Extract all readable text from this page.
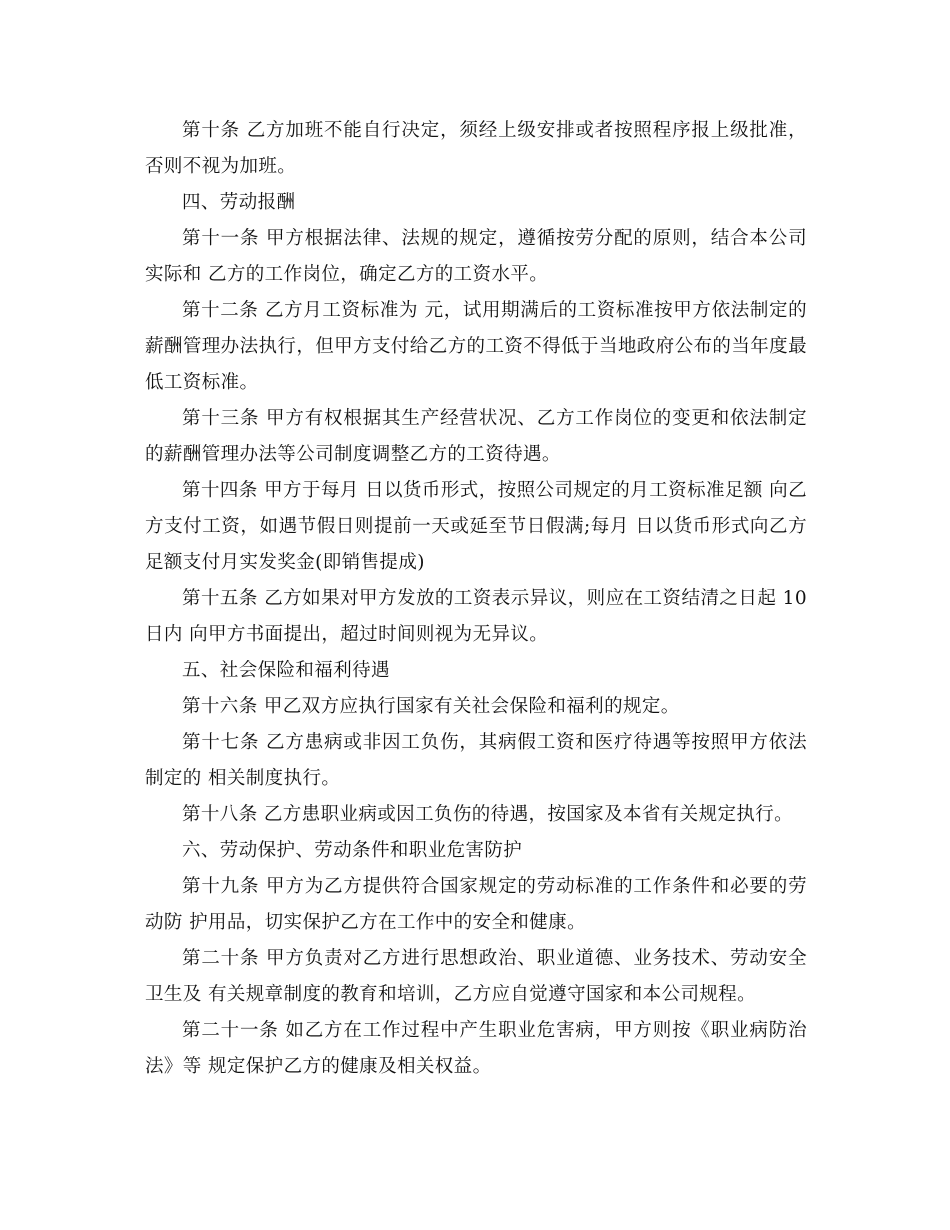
第十条 乙方加班不能自行决定，须经上级安排或者按照程序报上级批准，否则不视为加班。

四、劳动报酬

第十一条 甲方根据法律、法规的规定，遵循按劳分配的原则，结合本公司实际和 乙方的工作岗位，确定乙方的工资水平。

第十二条 乙方月工资标准为 元，试用期满后的工资标准按甲方依法制定的薪酬管理办法执行，但甲方支付给乙方的工资不得低于当地政府公布的当年度最低工资标准。

第十三条 甲方有权根据其生产经营状况、乙方工作岗位的变更和依法制定的薪酬管理办法等公司制度调整乙方的工资待遇。

第十四条 甲方于每月 日以货币形式，按照公司规定的月工资标准足额 向乙方支付工资，如遇节假日则提前一天或延至节日假满;每月 日以货币形式向乙方足额支付月实发奖金(即销售提成)

第十五条 乙方如果对甲方发放的工资表示异议，则应在工资结清之日起 10 日内 向甲方书面提出，超过时间则视为无异议。

五、社会保险和福利待遇

第十六条 甲乙双方应执行国家有关社会保险和福利的规定。

第十七条 乙方患病或非因工负伤，其病假工资和医疗待遇等按照甲方依法制定的 相关制度执行。

第十八条 乙方患职业病或因工负伤的待遇，按国家及本省有关规定执行。

六、劳动保护、劳动条件和职业危害防护

第十九条 甲方为乙方提供符合国家规定的劳动标准的工作条件和必要的劳动防 护用品，切实保护乙方在工作中的安全和健康。

第二十条 甲方负责对乙方进行思想政治、职业道德、业务技术、劳动安全卫生及 有关规章制度的教育和培训，乙方应自觉遵守国家和本公司规程。

第二十一条 如乙方在工作过程中产生职业危害病，甲方则按《职业病防治法》等 规定保护乙方的健康及相关权益。
